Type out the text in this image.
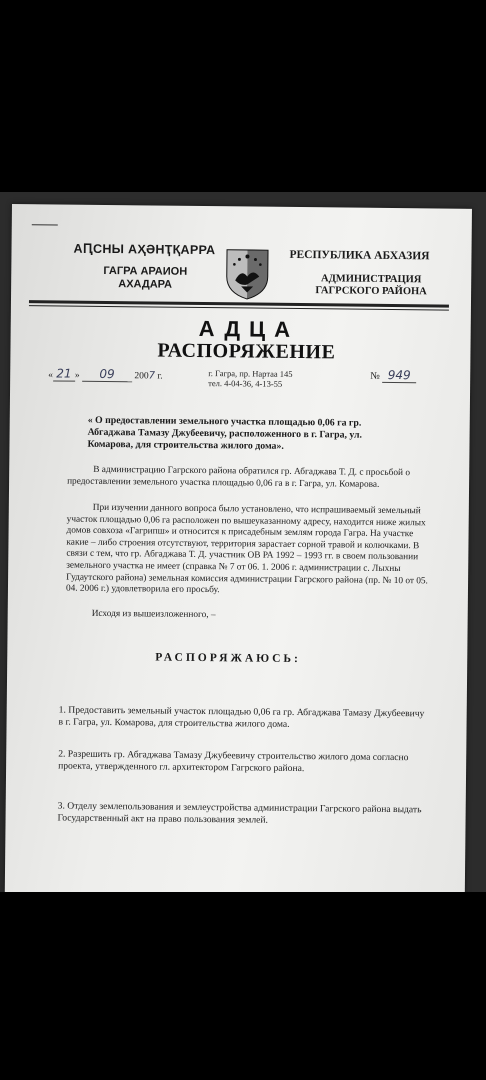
АԤСНЫ АҲӘНҬҚАРРА
ГАГРА АРАИОН
АХАДАРА
РЕСПУБЛИКА АБХАЗИЯ
АДМИНИСТРАЦИЯ
ГАГРСКОГО РАЙОНА
АДЦА
РАСПОРЯЖЕНИЕ
« 21 » 09 2007 г.	г. Гагра, пр. Нартаа 145
тел. 4-04-36, 4-13-55
№ 949
« О предоставлении земельного участка площадью 0,06 га гр. Абгаджава Тамазу Джубеевичу, расположенного в г. Гагра, ул. Комарова, для строительства жилого дома».

В администрацию Гагрского района обратился гр. Абгаджава Т. Д. с просьбой о предоставлении земельного участка площадью 0,06 га в г. Гагра, ул. Комарова.

При изучении данного вопроса было установлено, что испрашиваемый земельный участок площадью 0,06 га расположен по вышеуказанному адресу, находится ниже жилых домов совхоза «Гагрипш» и относится к присадебным землям города Гагра. На участке какие – либо строения отсутствуют, территория зарастает сорной травой и колючками. В связи с тем, что гр. Абгаджава Т. Д. участник ОВ РА 1992 – 1993 гг. в своем пользовании земельного участка не имеет (справка № 7 от 06. 1. 2006 г. администрации с. Лыхны Гудаутского района) земельная комиссия администрации Гагрского района (пр. № 10 от 05. 04. 2006 г.) удовлетворила его просьбу.

Исходя из вышеизложенного, –

РАСПОРЯЖАЮСЬ:
1. Предоставить земельный участок площадью 0,06 га гр. Абгаджава Тамазу Джубеевичу в г. Гагра, ул. Комарова, для строительства жилого дома.
2. Разрешить гр. Абгаджава Тамазу Джубеевичу строительство жилого дома согласно проекта, утвержденного гл. архитектором Гагрского района.
3. Отделу землепользования и землеустройства администрации Гагрского района выдать Государственный акт на право пользования землей.
